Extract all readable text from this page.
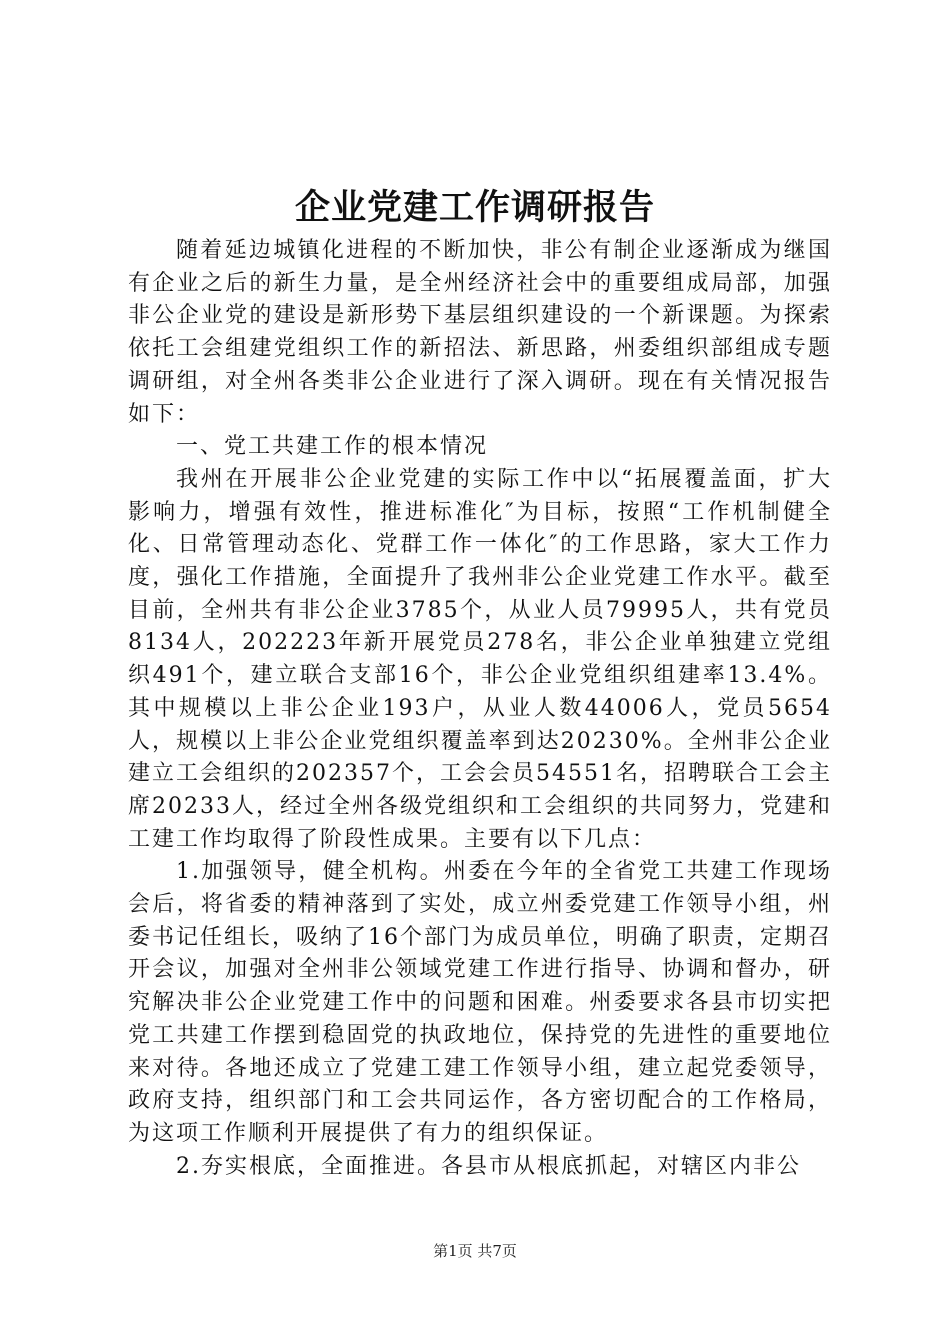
企业党建工作调研报告

随着延边城镇化进程的不断加快，非公有制企业逐渐成为继国有企业之后的新生力量，是全州经济社会中的重要组成局部，加强非公企业党的建设是新形势下基层组织建设的一个新课题。为探索依托工会组建党组织工作的新招法、新思路，州委组织部组成专题调研组，对全州各类非公企业进行了深入调研。现在有关情况报告如下：

一、党工共建工作的根本情况

我州在开展非公企业党建的实际工作中以“拓展覆盖面，扩大影响力，增强有效性，推进标准化″为目标，按照“工作机制健全化、日常管理动态化、党群工作一体化″的工作思路，家大工作力度，强化工作措施，全面提升了我州非公企业党建工作水平。截至目前，全州共有非公企业3785个，从业人员79995人，共有党员8134人，202223年新开展党员278名，非公企业单独建立党组织491个，建立联合支部16个，非公企业党组织组建率13.4%。其中规模以上非公企业193户，从业人数44006人，党员5654人，规模以上非公企业党组织覆盖率到达20230%。全州非公企业建立工会组织的202357个，工会会员54551名，招聘联合工会主席20233人，经过全州各级党组织和工会组织的共同努力，党建和工建工作均取得了阶段性成果。主要有以下几点：

1.加强领导，健全机构。州委在今年的全省党工共建工作现场会后，将省委的精神落到了实处，成立州委党建工作领导小组，州委书记任组长，吸纳了16个部门为成员单位，明确了职责，定期召开会议，加强对全州非公领域党建工作进行指导、协调和督办，研究解决非公企业党建工作中的问题和困难。州委要求各县市切实把党工共建工作摆到稳固党的执政地位，保持党的先进性的重要地位来对待。各地还成立了党建工建工作领导小组，建立起党委领导，政府支持，组织部门和工会共同运作，各方密切配合的工作格局，为这项工作顺利开展提供了有力的组织保证。

2.夯实根底，全面推进。各县市从根底抓起，对辖区内非公

第1页 共7页
